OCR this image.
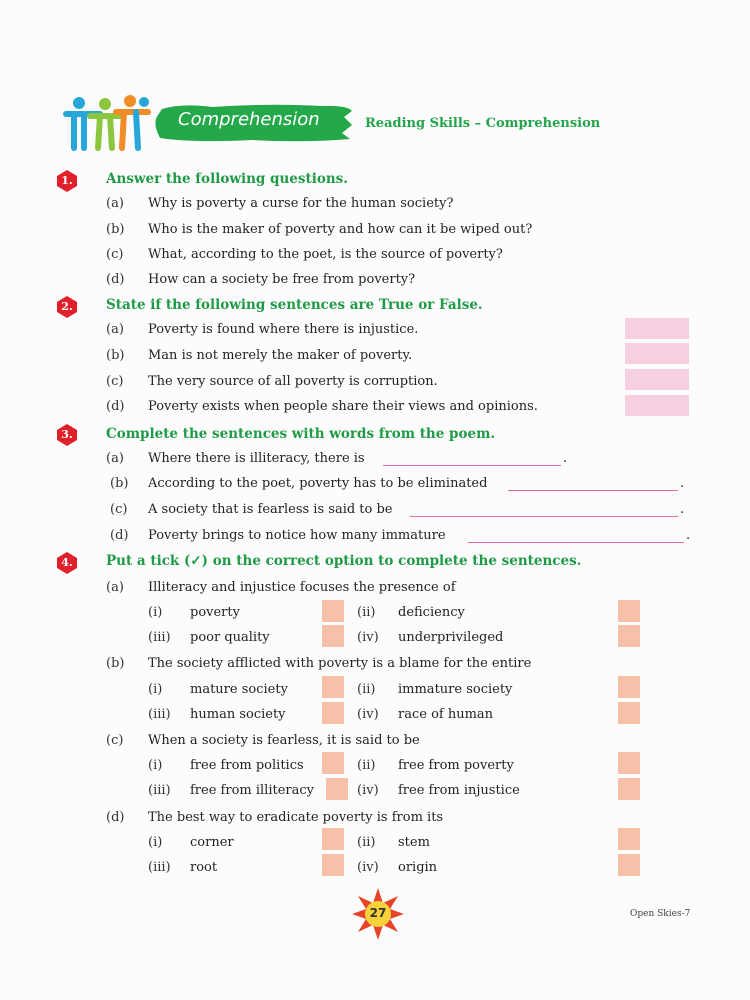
Comprehension	Reading Skills – Comprehension
1.	Answer the following questions.
(a) Why is poverty a curse for the human society?
(b) Who is the maker of poverty and how can it be wiped out?
(c) What, according to the poet, is the source of poverty?
(d) How can a society be free from poverty?
2.	State if the following sentences are True or False.
(a) Poverty is found where there is injustice.
(b) Man is not merely the maker of poverty.
(c) The very source of all poverty is corruption.
(d) Poverty exists when people share their views and opinions.
3.	Complete the sentences with words from the poem.
(a) Where there is illiteracy, there is	.
(b) According to the poet, poverty has to be eliminated	.
(c) A society that is fearless is said to be	.
(d) Poverty brings to notice how many immature	.
4.	Put a tick (✓) on the correct option to complete the sentences.
(a) Illiteracy and injustice focuses the presence of
(i) poverty	(ii) deficiency
(iii) poor quality	(iv) underprivileged
(b) The society afflicted with poverty is a blame for the entire
(i) mature society	(ii) immature society
(iii) human society	(iv) race of human
(c) When a society is fearless, it is said to be
(i) free from politics	(ii) free from poverty
(iii) free from illiteracy	(iv) free from injustice
(d) The best way to eradicate poverty is from its
(i) corner	(ii) stem
(iii) root	(iv) origin
27	Open Skies-7
